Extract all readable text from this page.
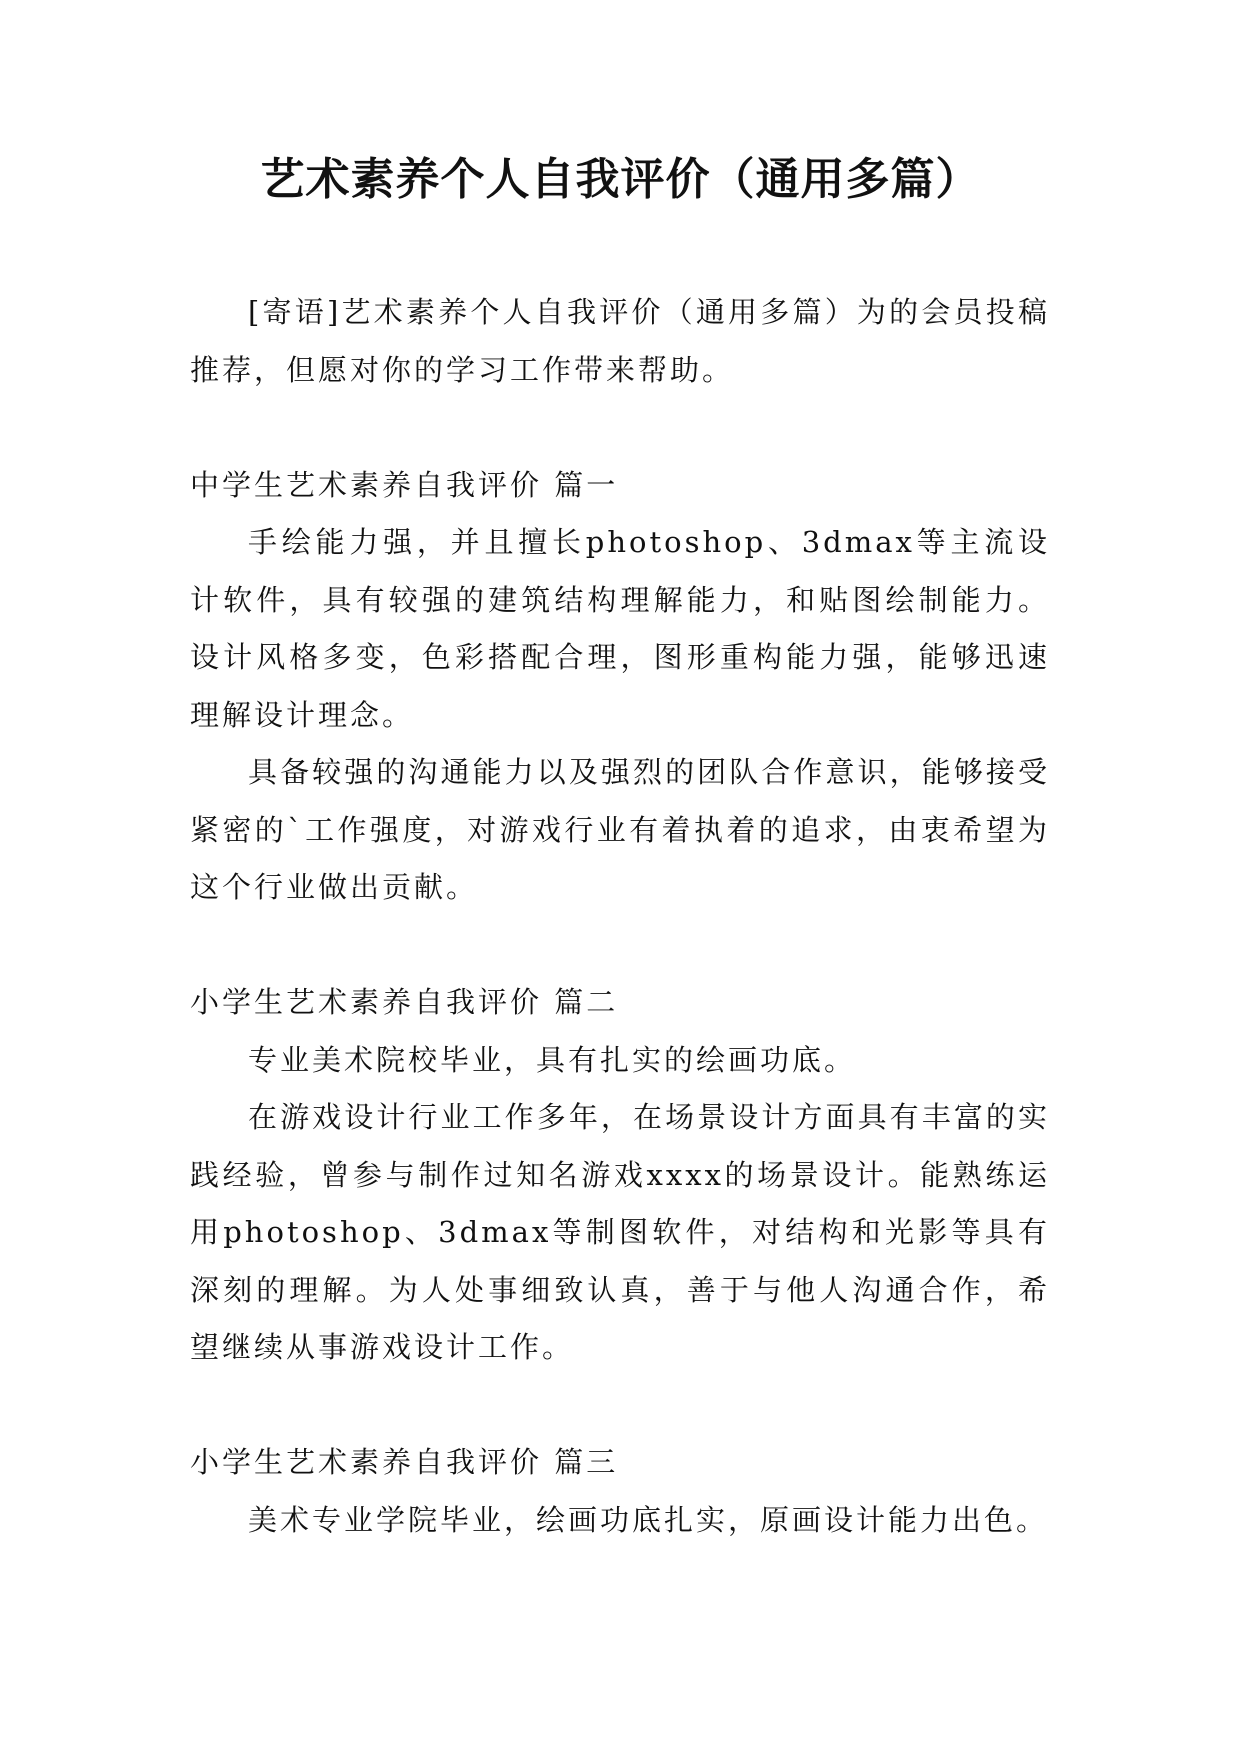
艺术素养个人自我评价（通用多篇）

[寄语]艺术素养个人自我评价（通用多篇）为的会员投稿推荐，但愿对你的学习工作带来帮助。

中学生艺术素养自我评价 篇一

手绘能力强，并且擅长photoshop、3dmax等主流设计软件，具有较强的建筑结构理解能力，和贴图绘制能力。设计风格多变，色彩搭配合理，图形重构能力强，能够迅速理解设计理念。

具备较强的沟通能力以及强烈的团队合作意识，能够接受紧密的`工作强度，对游戏行业有着执着的追求，由衷希望为这个行业做出贡献。

小学生艺术素养自我评价 篇二

专业美术院校毕业，具有扎实的绘画功底。

在游戏设计行业工作多年，在场景设计方面具有丰富的实践经验，曾参与制作过知名游戏xxxx的场景设计。能熟练运用photoshop、3dmax等制图软件，对结构和光影等具有深刻的理解。为人处事细致认真，善于与他人沟通合作，希望继续从事游戏设计工作。

小学生艺术素养自我评价 篇三

美术专业学院毕业，绘画功底扎实，原画设计能力出色。
